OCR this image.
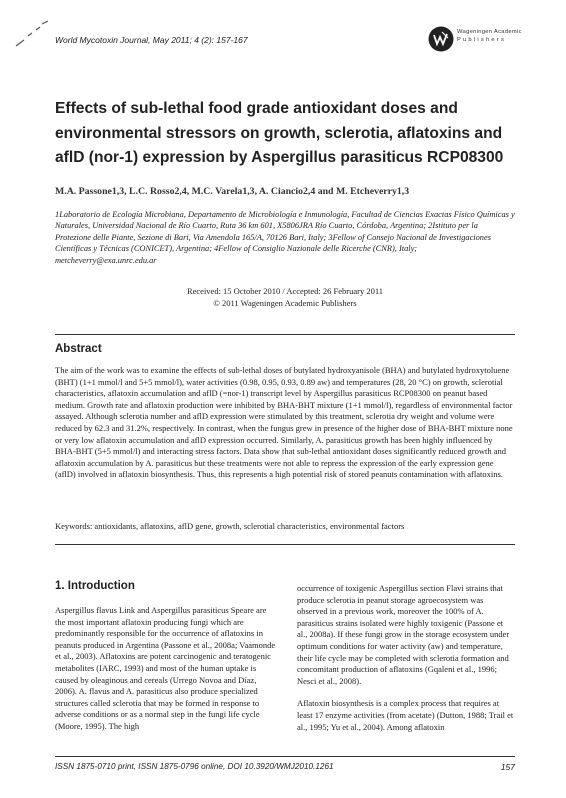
World Mycotoxin Journal, May 2011; 4 (2): 157-167
Wageningen Academic
P u b l i s h e r s
Effects of sub-lethal food grade antioxidant doses and environmental stressors on growth, sclerotia, aflatoxins and aflD (nor-1) expression by Aspergillus parasiticus RCP08300
M.A. Passone1,3, L.C. Rosso2,4, M.C. Varela1,3, A. Ciancio2,4 and M. Etcheverry1,3
1Laboratorio de Ecología Microbiana, Departamento de Microbiología e Inmunología, Facultad de Ciencias Exactas Físico Químicas y Naturales, Universidad Nacional de Río Cuarto, Ruta 36 km 601, X5806JRA Río Cuarto, Córdoba, Argentina; 2Istituto per la Protezione delle Piante, Sezione di Bari, Via Amendola 165/A, 70126 Bari, Italy; 3Fellow of Consejo Nacional de Investigaciones Científicas y Técnicas (CONICET), Argentina; 4Fellow of Consiglio Nazionale delle Ricerche (CNR), Italy; metcheverry@exa.unrc.edu.ar
Received: 15 October 2010 / Accepted: 26 February 2011
© 2011 Wageningen Academic Publishers
Abstract
The aim of the work was to examine the effects of sub-lethal doses of butylated hydroxyanisole (BHA) and butylated hydroxytoluene (BHT) (1+1 mmol/l and 5+5 mmol/l), water activities (0.98, 0.95, 0.93, 0.89 aw) and temperatures (28, 20 °C) on growth, sclerotial characteristics, aflatoxin accumulation and aflD (=nor-1) transcript level by Aspergillus parasiticus RCP08300 on peanut based medium. Growth rate and aflatoxin production were inhibited by BHA-BHT mixture (1+1 mmol/l), regardless of environmental factor assayed. Although sclerotia number and aflD expression were stimulated by this treatment, sclerotia dry weight and volume were reduced by 62.3 and 31.2%, respectively. In contrast, when the fungus grew in presence of the higher dose of BHA-BHT mixture none or very low aflatoxin accumulation and aflD expression occurred. Similarly, A. parasiticus growth has been highly influenced by BHA-BHT (5+5 mmol/l) and interacting stress factors. Data show that sub-lethal antioxidant doses significantly reduced growth and aflatoxin accumulation by A. parasiticus but these treatments were not able to repress the expression of the early expression gene (aflD) involved in aflatoxin biosynthesis. Thus, this represents a high potential risk of stored peanuts contamination with aflatoxins.
Keywords: antioxidants, aflatoxins, aflD gene, growth, sclerotial characteristics, environmental factors
1. Introduction

Aspergillus flavus Link and Aspergillus parasiticus Speare are the most important aflatoxin producing fungi which are predominantly responsible for the occurrence of aflatoxins in peanuts produced in Argentina (Passone et al., 2008a; Vaamonde et al., 2003). Aflatoxins are potent carcinogenic and teratogenic metabolites (IARC, 1993) and most of the human uptake is caused by oleaginous and cereals (Urrego Novoa and Díaz, 2006). A. flavus and A. parasiticus also produce specialized structures called sclerotia that may be formed in response to adverse conditions or as a normal step in the fungi life cycle (Moore, 1995). The high

occurrence of toxigenic Aspergillus section Flavi strains that produce sclerotia in peanut storage agroecosystem was observed in a previous work, moreover the 100% of A. parasiticus strains isolated were highly toxigenic (Passone et al., 2008a). If these fungi grow in the storage ecosystem under optimum conditions for water activity (aw) and temperature, their life cycle may be completed with sclerotia formation and concomitant production of aflatoxins (Gqaleni et al., 1996; Nesci et al., 2008).

Aflatoxin biosynthesis is a complex process that requires at least 17 enzyme activities (from acetate) (Dutton, 1988; Trail et al., 1995; Yu et al., 2004). Among aflatoxin

ISSN 1875-0710 print, ISSN 1875-0796 online, DOI 10.3920/WMJ2010.1261	157
